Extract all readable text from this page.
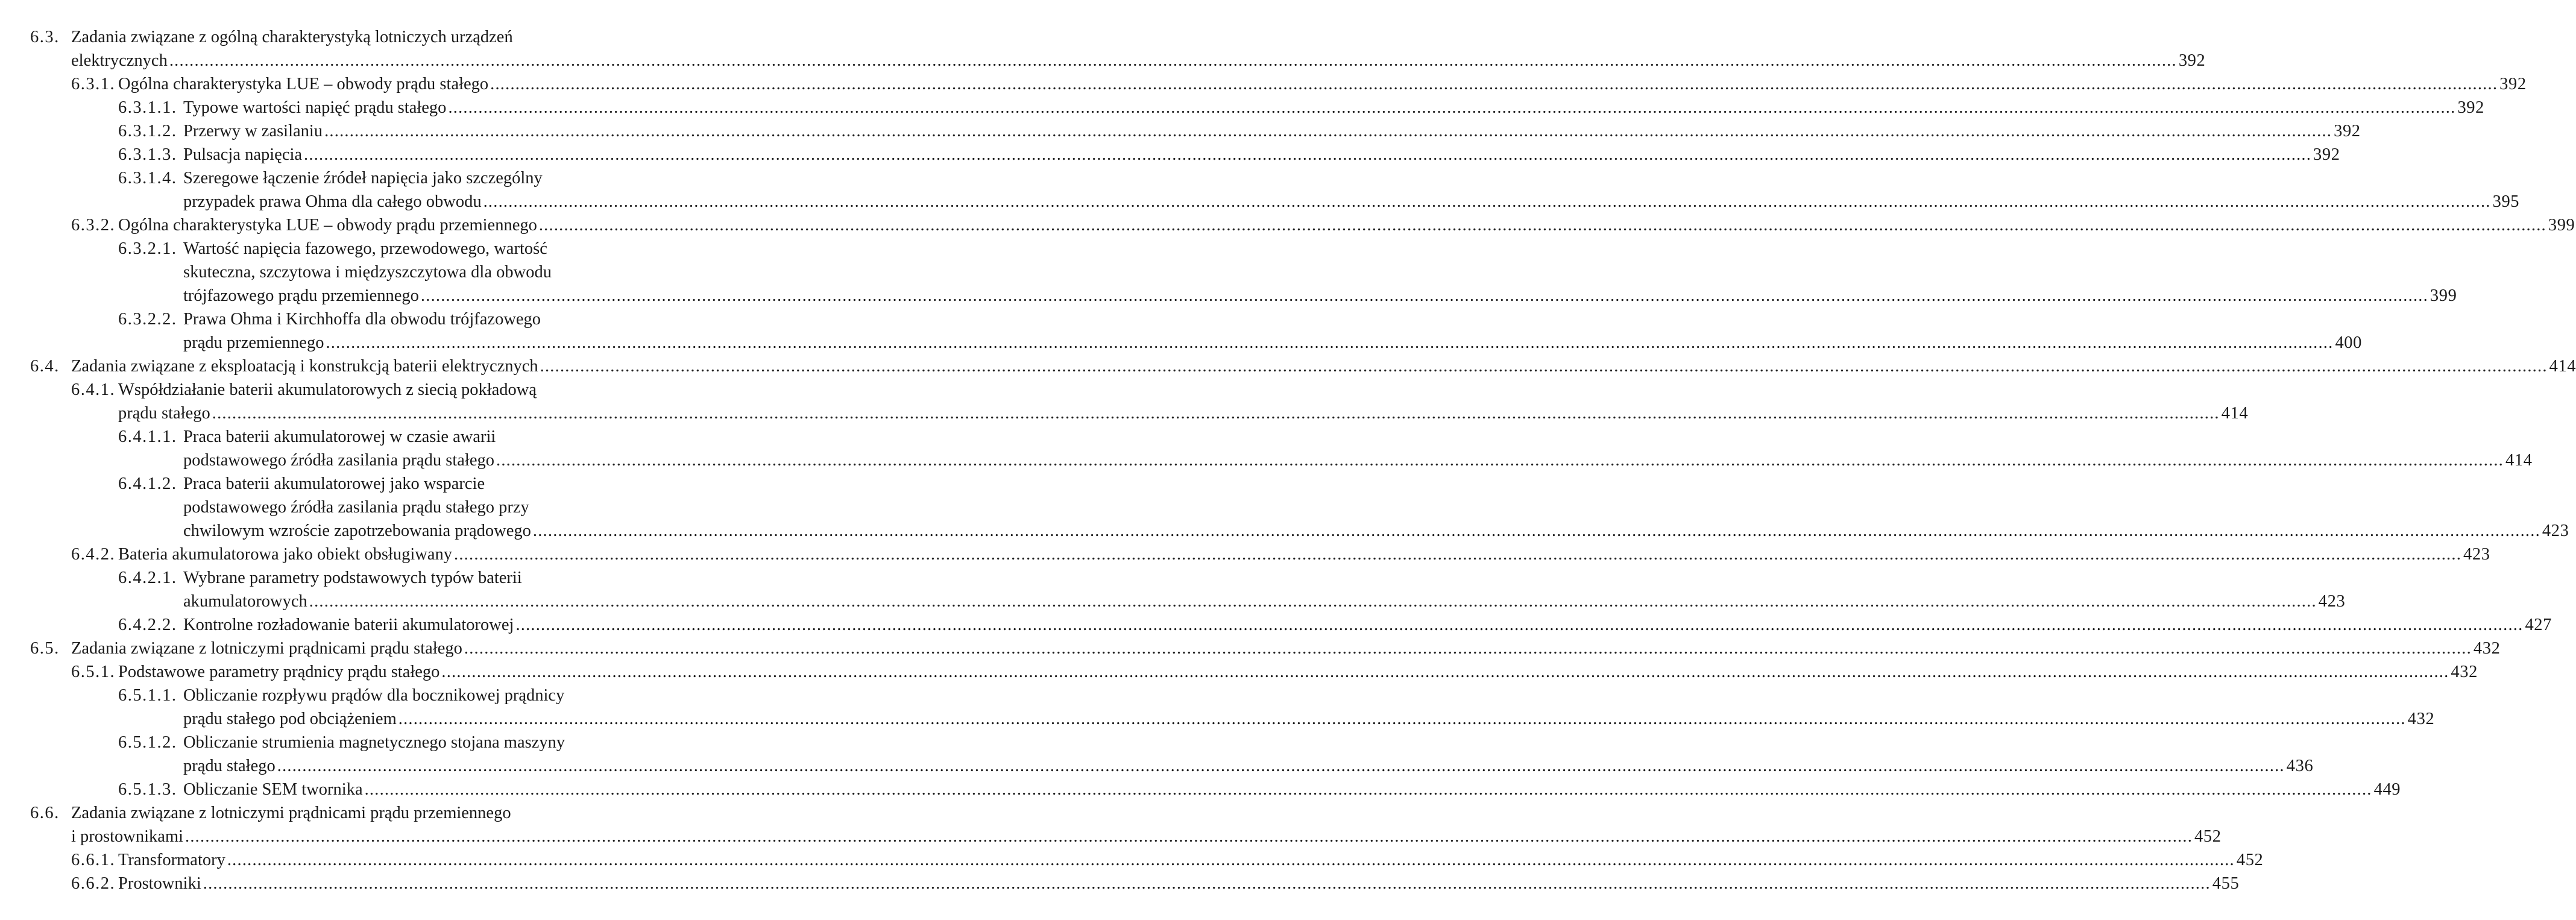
6.3. Zadania związane z ogólną charakterystyką lotniczych urządzeń
elektrycznych ................................................................................................................................................................................................................................................................................................................................................................................................................ 392
6.3.1. Ogólna charakterystyka LUE – obwody prądu stałego ................................................................................................................................................................................................................................................................................................................................................................................................................ 392
6.3.1.1. Typowe wartości napięć prądu stałego ................................................................................................................................................................................................................................................................................................................................................................................................................ 392
6.3.1.2. Przerwy w zasilaniu ................................................................................................................................................................................................................................................................................................................................................................................................................ 392
6.3.1.3. Pulsacja napięcia ................................................................................................................................................................................................................................................................................................................................................................................................................ 392
6.3.1.4. Szeregowe łączenie źródeł napięcia jako szczególny
przypadek prawa Ohma dla całego obwodu ................................................................................................................................................................................................................................................................................................................................................................................................................ 395
6.3.2. Ogólna charakterystyka LUE – obwody prądu przemiennego ................................................................................................................................................................................................................................................................................................................................................................................................................ 399
6.3.2.1. Wartość napięcia fazowego, przewodowego, wartość
skuteczna, szczytowa i międzyszczytowa dla obwodu
trójfazowego prądu przemiennego ................................................................................................................................................................................................................................................................................................................................................................................................................ 399
6.3.2.2. Prawa Ohma i Kirchhoffa dla obwodu trójfazowego
prądu przemiennego ................................................................................................................................................................................................................................................................................................................................................................................................................ 400
6.4. Zadania związane z eksploatacją i konstrukcją baterii elektrycznych ................................................................................................................................................................................................................................................................................................................................................................................................................ 414
6.4.1. Współdziałanie baterii akumulatorowych z siecią pokładową
prądu stałego ................................................................................................................................................................................................................................................................................................................................................................................................................ 414
6.4.1.1. Praca baterii akumulatorowej w czasie awarii
podstawowego źródła zasilania prądu stałego ................................................................................................................................................................................................................................................................................................................................................................................................................ 414
6.4.1.2. Praca baterii akumulatorowej jako wsparcie
podstawowego źródła zasilania prądu stałego przy
chwilowym wzroście zapotrzebowania prądowego ................................................................................................................................................................................................................................................................................................................................................................................................................ 423
6.4.2. Bateria akumulatorowa jako obiekt obsługiwany ................................................................................................................................................................................................................................................................................................................................................................................................................ 423
6.4.2.1. Wybrane parametry podstawowych typów baterii
akumulatorowych ................................................................................................................................................................................................................................................................................................................................................................................................................ 423
6.4.2.2. Kontrolne rozładowanie baterii akumulatorowej ................................................................................................................................................................................................................................................................................................................................................................................................................ 427
6.5. Zadania związane z lotniczymi prądnicami prądu stałego ................................................................................................................................................................................................................................................................................................................................................................................................................ 432
6.5.1. Podstawowe parametry prądnicy prądu stałego ................................................................................................................................................................................................................................................................................................................................................................................................................ 432
6.5.1.1. Obliczanie rozpływu prądów dla bocznikowej prądnicy
prądu stałego pod obciążeniem ................................................................................................................................................................................................................................................................................................................................................................................................................ 432
6.5.1.2. Obliczanie strumienia magnetycznego stojana maszyny
prądu stałego ................................................................................................................................................................................................................................................................................................................................................................................................................ 436
6.5.1.3. Obliczanie SEM twornika ................................................................................................................................................................................................................................................................................................................................................................................................................ 449
6.6. Zadania związane z lotniczymi prądnicami prądu przemiennego
i prostownikami ................................................................................................................................................................................................................................................................................................................................................................................................................ 452
6.6.1. Transformatory ................................................................................................................................................................................................................................................................................................................................................................................................................ 452
6.6.2. Prostowniki ................................................................................................................................................................................................................................................................................................................................................................................................................ 455
